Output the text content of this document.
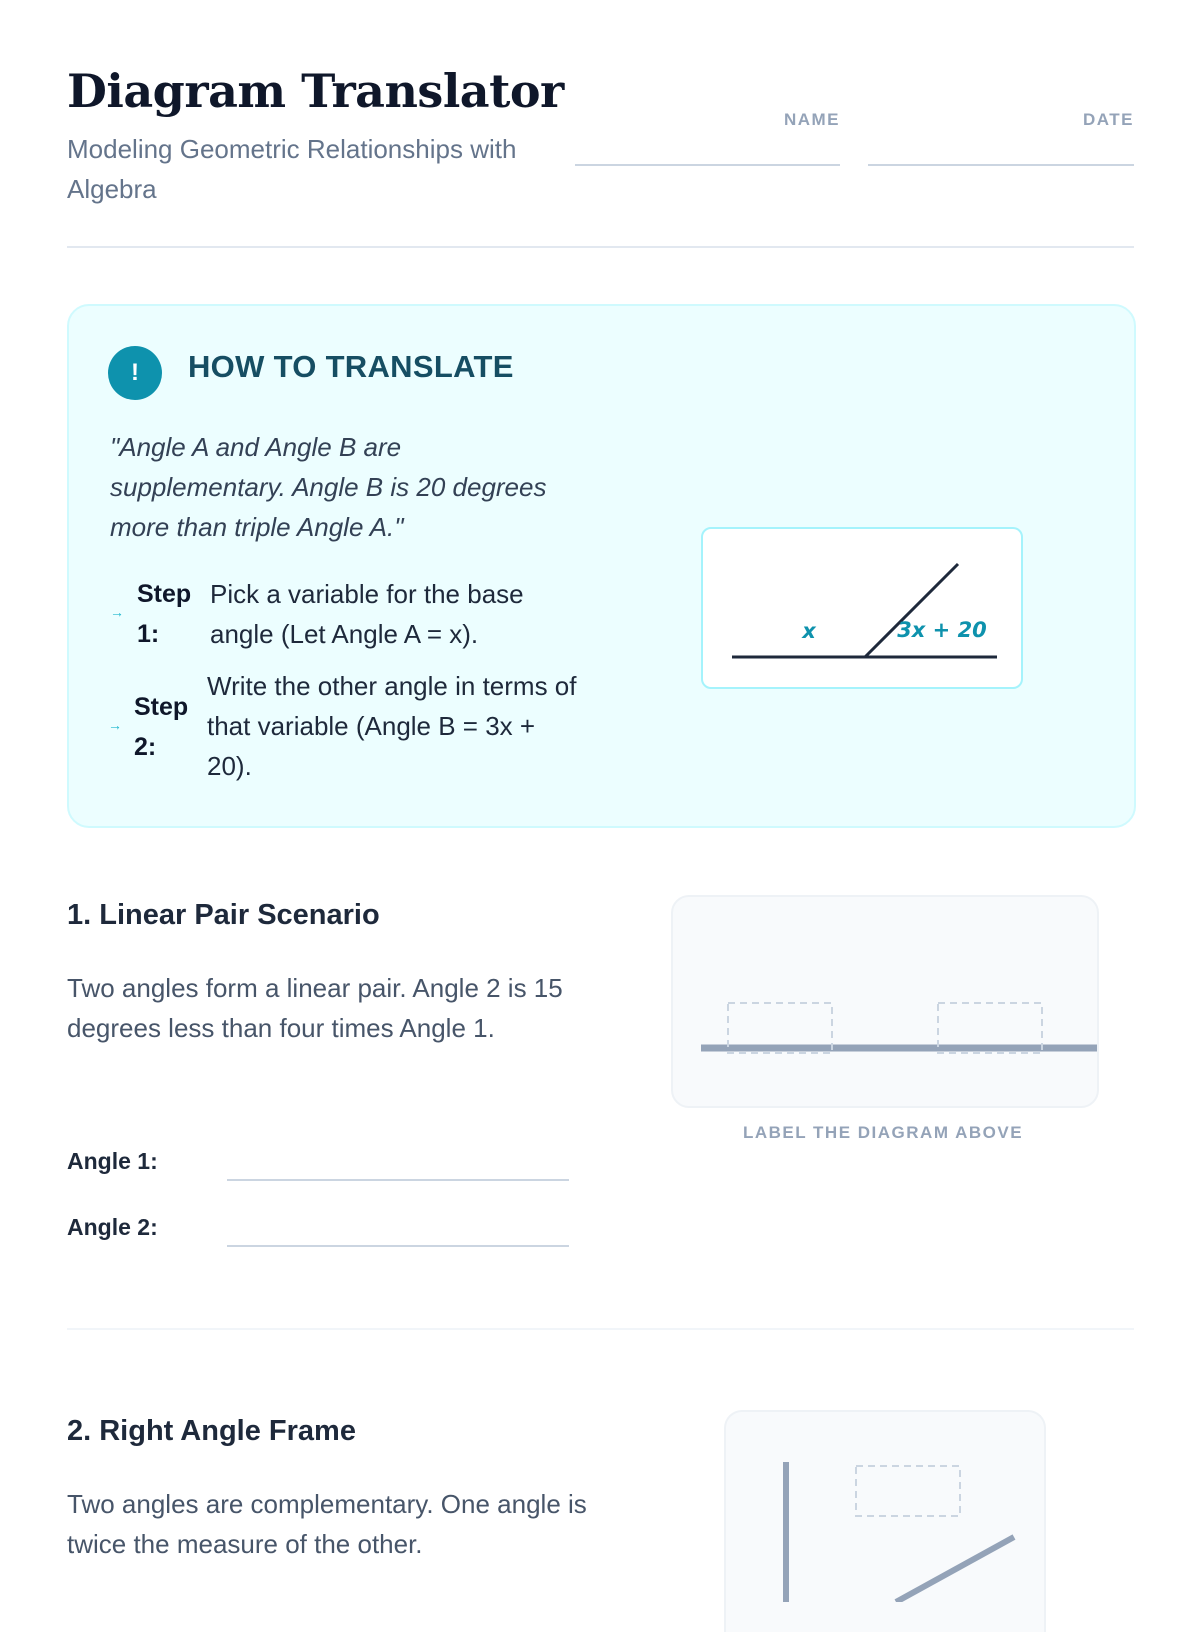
Diagram Translator
Modeling Geometric Relationships with Algebra
NAME	DATE
!	HOW TO TRANSLATE
"Angle A and Angle B are supplementary. Angle B is 20 degrees more than triple Angle A."
→
Step 1:
Pick a variable for the base angle (Let Angle A = x).
→
Step 2:
Write the other angle in terms of that variable (Angle B = 3x + 20).
x	3x + 20
1. Linear Pair Scenario
Two angles form a linear pair. Angle 2 is 15 degrees less than four times Angle 1.
Angle 1:
Angle 2:
LABEL THE DIAGRAM ABOVE
2. Right Angle Frame
Two angles are complementary. One angle is twice the measure of the other.
